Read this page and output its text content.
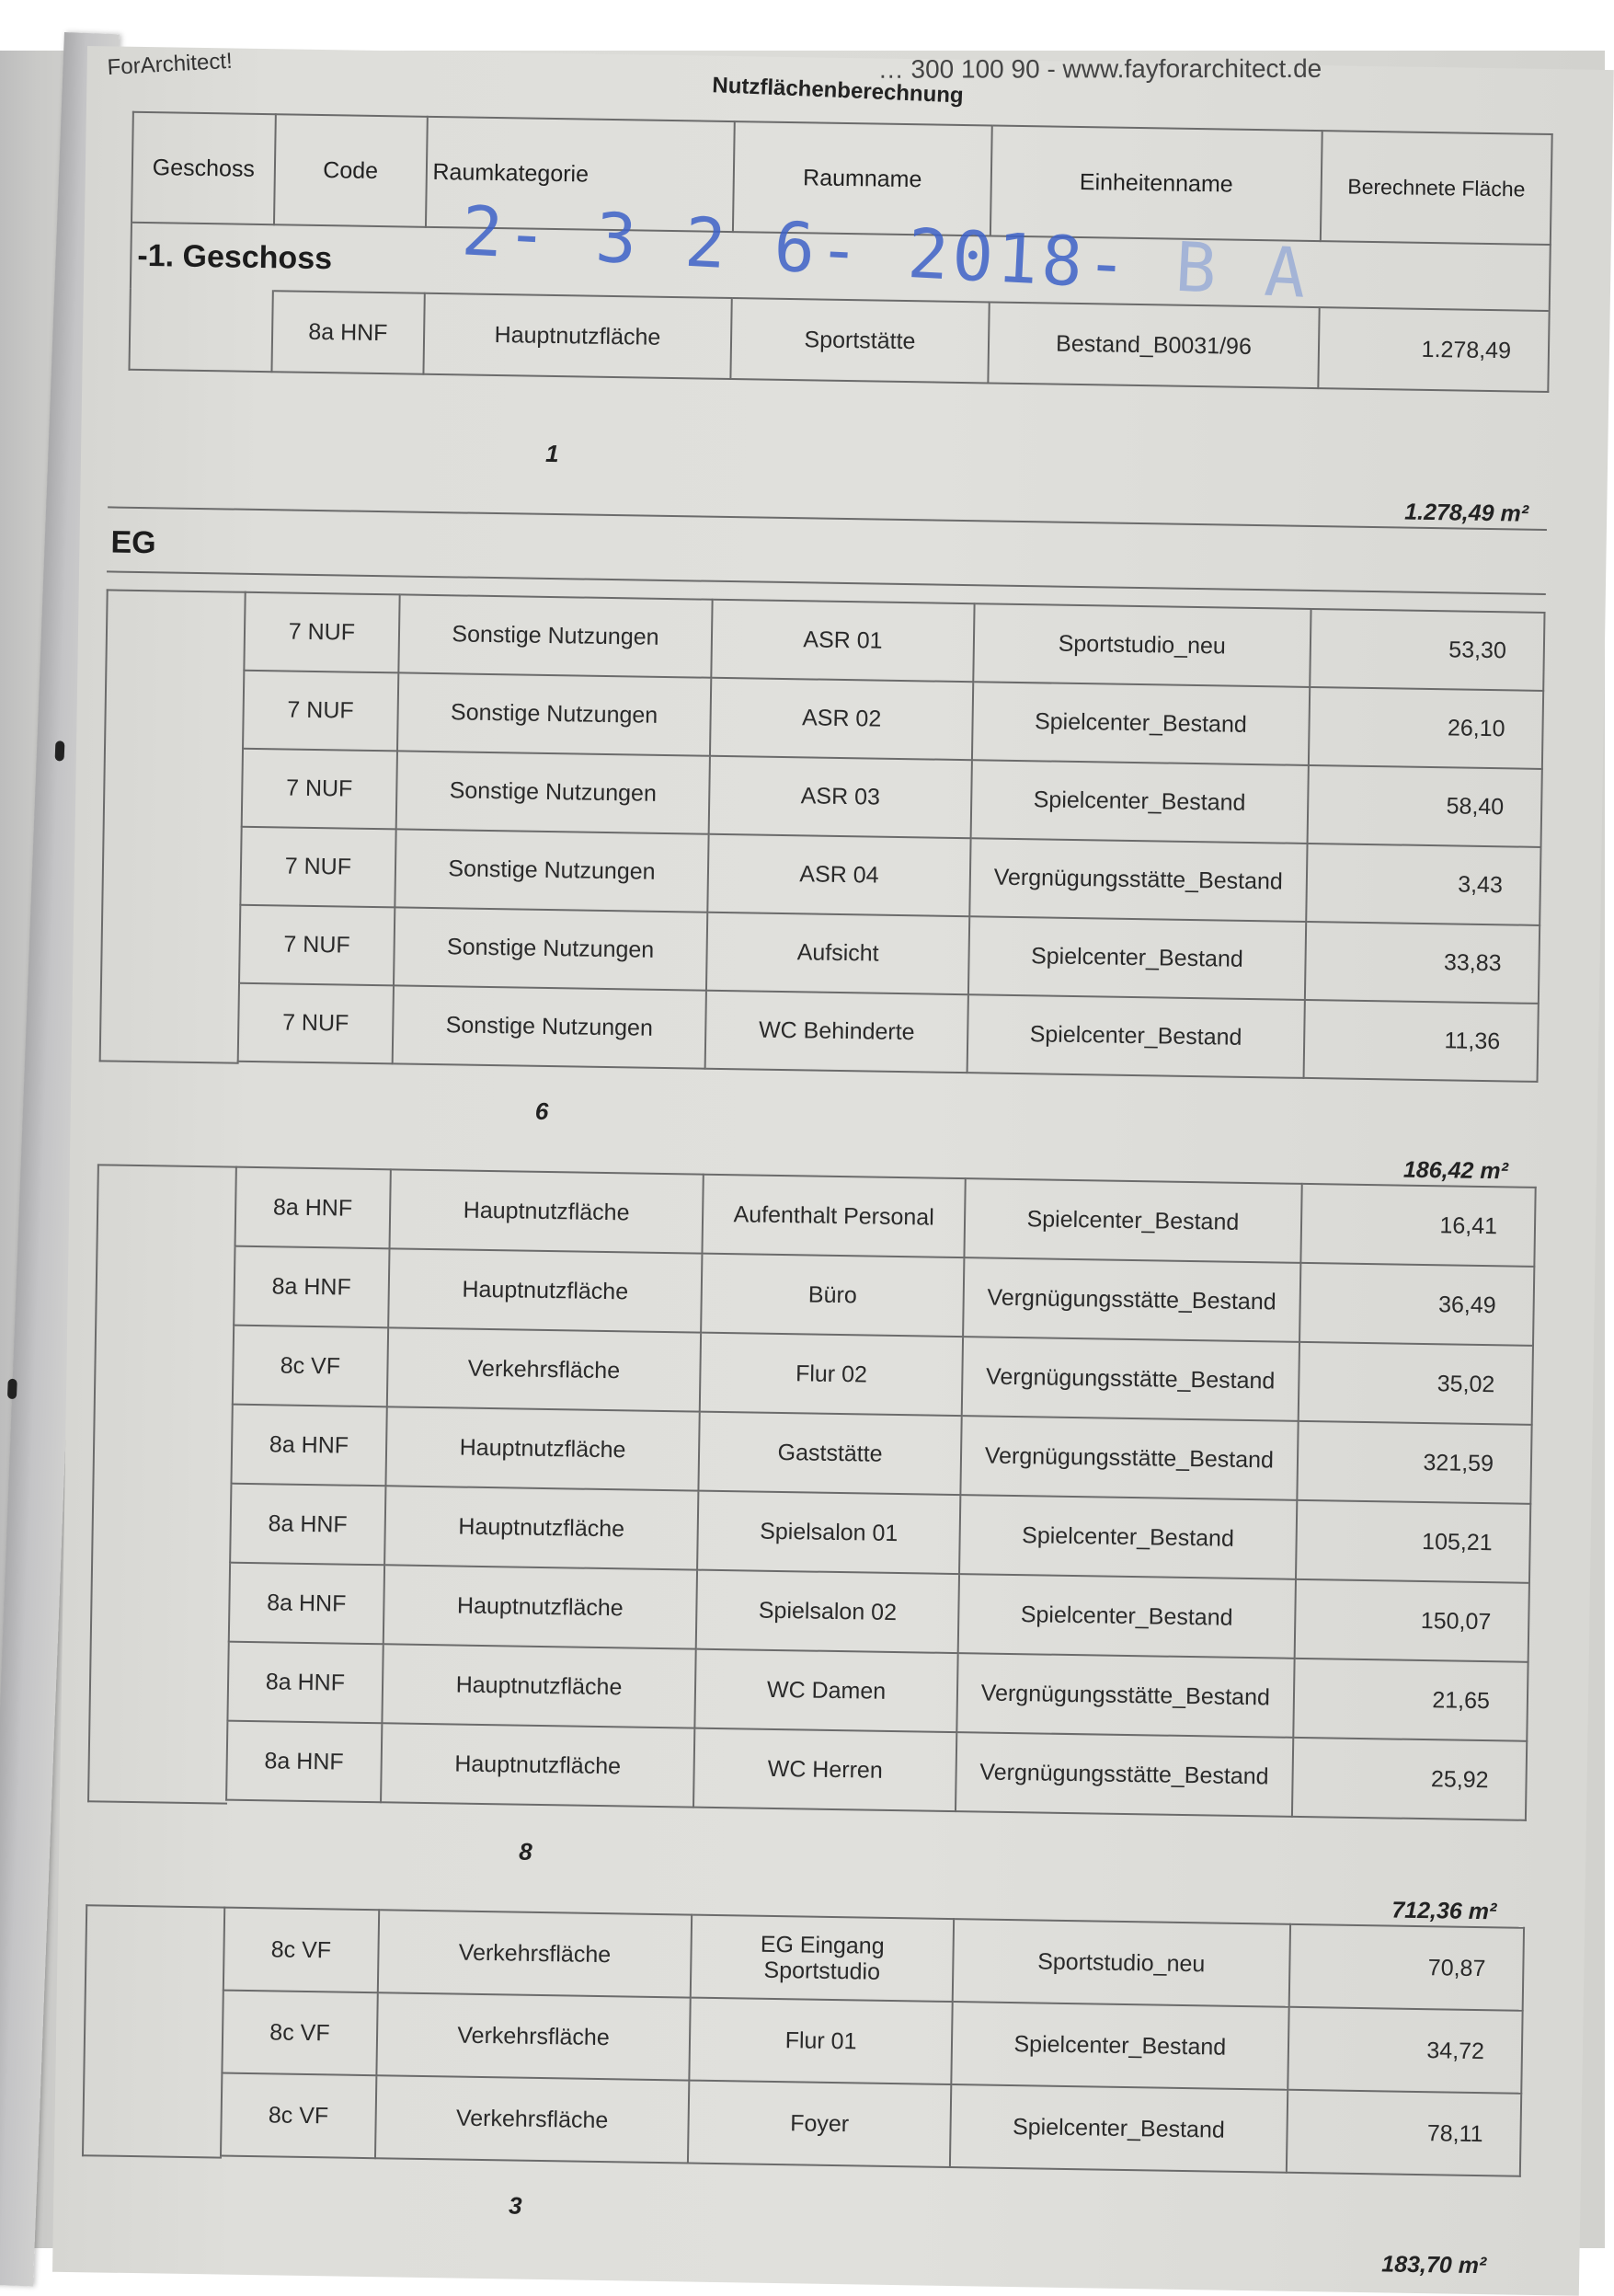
ForArchitect!	… 300 100 90 - www.fayforarchitect.de
Nutzflächenberechnung
Geschoss	Code	Raumkategorie	Raumname	Einheitenname	Berechnete Fläche
-1. Geschoss					
	8a HNF	Hauptnutzfläche	Sportstätte	Bestand_B0031/96	1.278,49
2- 3 2 6- 2018- B A
1
1.278,49 m²
EG
7 NUF	Sonstige Nutzungen	ASR 01	Sportstudio_neu	53,30
7 NUF	Sonstige Nutzungen	ASR 02	Spielcenter_Bestand	26,10
7 NUF	Sonstige Nutzungen	ASR 03	Spielcenter_Bestand	58,40
7 NUF	Sonstige Nutzungen	ASR 04	Vergnügungsstätte_Bestand	3,43
7 NUF	Sonstige Nutzungen	Aufsicht	Spielcenter_Bestand	33,83
7 NUF	Sonstige Nutzungen	WC Behinderte	Spielcenter_Bestand	11,36
6
186,42 m²
8a HNF	Hauptnutzfläche	Aufenthalt Personal	Spielcenter_Bestand	16,41
8a HNF	Hauptnutzfläche	Büro	Vergnügungsstätte_Bestand	36,49
8c VF	Verkehrsfläche	Flur 02	Vergnügungsstätte_Bestand	35,02
8a HNF	Hauptnutzfläche	Gaststätte	Vergnügungsstätte_Bestand	321,59
8a HNF	Hauptnutzfläche	Spielsalon 01	Spielcenter_Bestand	105,21
8a HNF	Hauptnutzfläche	Spielsalon 02	Spielcenter_Bestand	150,07
8a HNF	Hauptnutzfläche	WC Damen	Vergnügungsstätte_Bestand	21,65
8a HNF	Hauptnutzfläche	WC Herren	Vergnügungsstätte_Bestand	25,92
8
712,36 m²
8c VF	Verkehrsfläche	EG Eingang Sportstudio	Sportstudio_neu	70,87
8c VF	Verkehrsfläche	Flur 01	Spielcenter_Bestand	34,72
8c VF	Verkehrsfläche	Foyer	Spielcenter_Bestand	78,11
3
183,70 m²
